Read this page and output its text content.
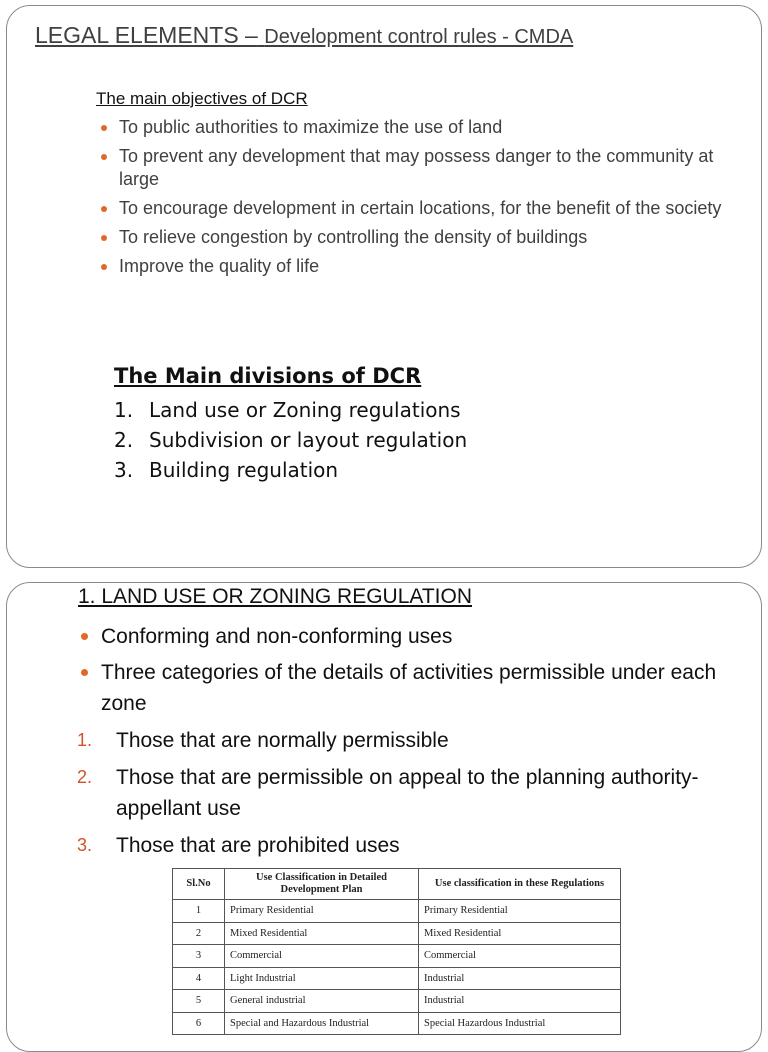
LEGAL ELEMENTS – Development control rules - CMDA
The main objectives of DCR
To public authorities to maximize the use of land
To prevent any development that may possess danger to the community at large
To encourage development in certain locations, for the benefit of the society
To relieve congestion by controlling the density of buildings
Improve the quality of life
The Main divisions of DCR
1. Land use or Zoning regulations
2. Subdivision or layout regulation
3. Building regulation
1. LAND USE OR ZONING REGULATION
Conforming and non-conforming uses
Three categories of the details of activities permissible under each zone
1. Those that are normally permissible
2. Those that are permissible on appeal to the planning authority-appellant use
3. Those that are prohibited uses
Sl.No	Use Classification in Detailed Development Plan	Use classification in these Regulations
1	Primary Residential	Primary Residential
2	Mixed Residential	Mixed Residential
3	Commercial	Commercial
4	Light Industrial	Industrial
5	General industrial	Industrial
6	Special and Hazardous Industrial	Special Hazardous Industrial
